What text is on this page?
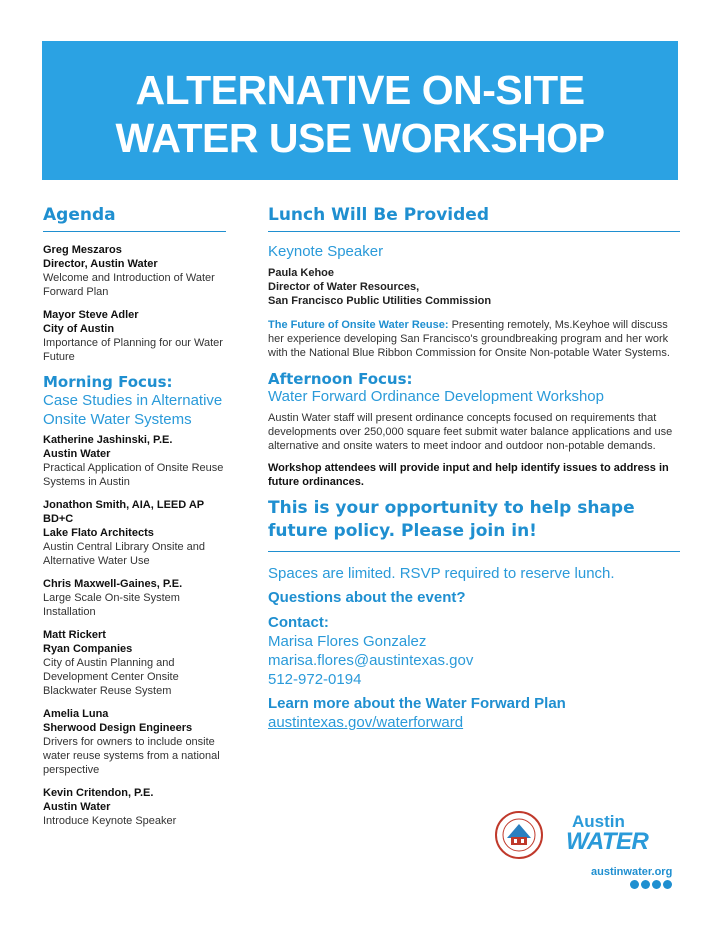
ALTERNATIVE ON-SITE
WATER USE WORKSHOP
Agenda
Greg Meszaros
Director, Austin Water
Welcome and Introduction of Water Forward Plan
Mayor Steve Adler
City of Austin
Importance of Planning for our Water Future
Morning Focus:
Case Studies in Alternative Onsite Water Systems
Katherine Jashinski, P.E.
Austin Water
Practical Application of Onsite Reuse Systems in Austin
Jonathon Smith, AIA, LEED AP BD+C
Lake Flato Architects
Austin Central Library Onsite and Alternative Water Use
Chris Maxwell-Gaines, P.E.
Large Scale On-site System Installation
Matt Rickert
Ryan Companies
City of Austin Planning and Development Center Onsite Blackwater Reuse System
Amelia Luna
Sherwood Design Engineers
Drivers for owners to include onsite water reuse systems from a national perspective
Kevin Critendon, P.E.
Austin Water
Introduce Keynote Speaker
Lunch Will Be Provided
Keynote Speaker
Paula Kehoe
Director of Water Resources,
San Francisco Public Utilities Commission
The Future of Onsite Water Reuse: Presenting remotely, Ms.Keyhoe will discuss her experience developing San Francisco's groundbreaking program and her work with the National Blue Ribbon Commission for Onsite Non-potable Water Systems.
Afternoon Focus:
Water Forward Ordinance Development Workshop
Austin Water staff will present ordinance concepts focused on requirements that developments over 250,000 square feet submit water balance applications and use alternative and onsite waters to meet indoor and outdoor non-potable demands.
Workshop attendees will provide input and help identify issues to address in future ordinances.
This is your opportunity to help shape future policy. Please join in!
Spaces are limited. RSVP required to reserve lunch.
Questions about the event?
Contact:
Marisa Flores Gonzalez
marisa.flores@austintexas.gov
512-972-0194
Learn more about the Water Forward Plan
austintexas.gov/waterforward
Austin
WATER
austinwater.org
